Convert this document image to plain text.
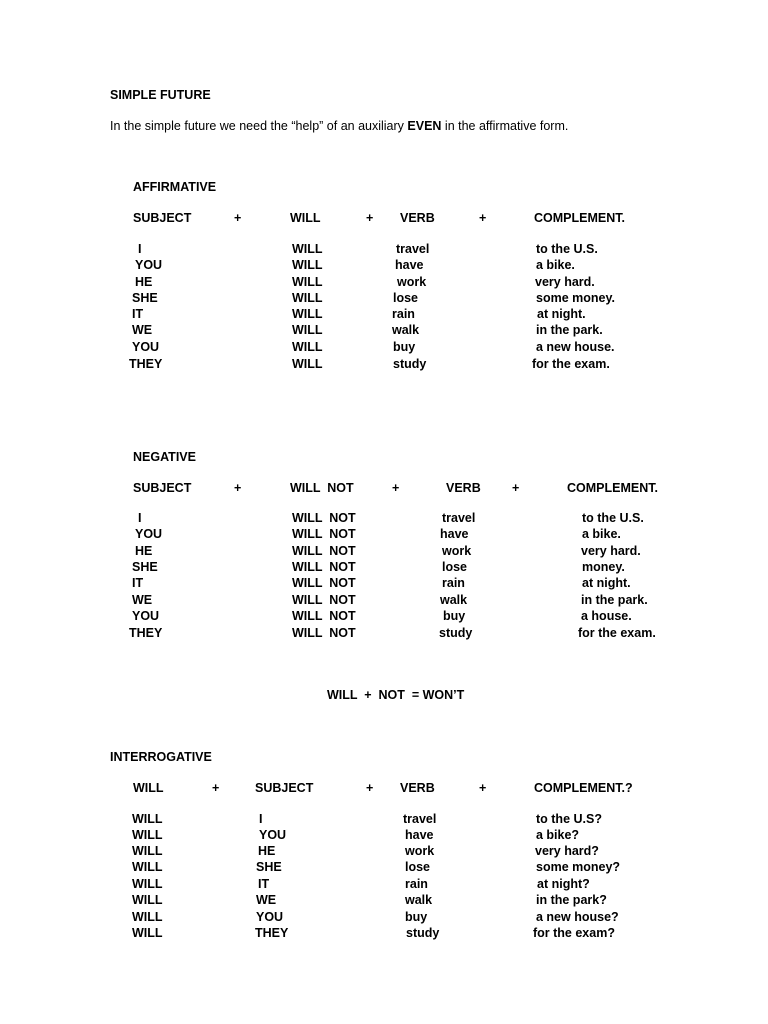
SIMPLE FUTURE
In the simple future we need the “help” of an auxiliary EVEN in the affirmative form.
AFFIRMATIVE
SUBJECT	+	WILL	+ VERB	+	COMPLEMENT.
I	WILL	travel	to the U.S.
YOU	WILL	have	a bike.
HE	WILL	work	very hard.
SHE	WILL	lose	some money.
IT	WILL	rain	at night.
WE	WILL	walk	in the park.
YOU	WILL	buy	a new house.
THEY	WILL	study	for the exam.
NEGATIVE
SUBJECT	+	WILL  NOT	+	VERB	+	COMPLEMENT.
I	WILL  NOT	travel	to the U.S.
YOU	WILL  NOT	have	a bike.
HE	WILL  NOT	work	very hard.
SHE	WILL  NOT	lose	money.
IT	WILL  NOT	rain	at night.
WE	WILL  NOT	walk	in the park.
YOU	WILL  NOT	buy	a house.
THEY	WILL  NOT	study	for the exam.
WILL  +  NOT  = WON’T
INTERROGATIVE
WILL	+	SUBJECT	+ VERB	+	COMPLEMENT.?
WILL	I	travel	to the U.S?
WILL	YOU	have	a bike?
WILL	HE	work	very hard?
WILL	SHE	lose	some money?
WILL	IT	rain	at night?
WILL	WE	walk	in the park?
WILL	YOU	buy	a new house?
WILL	THEY	study	for the exam?
